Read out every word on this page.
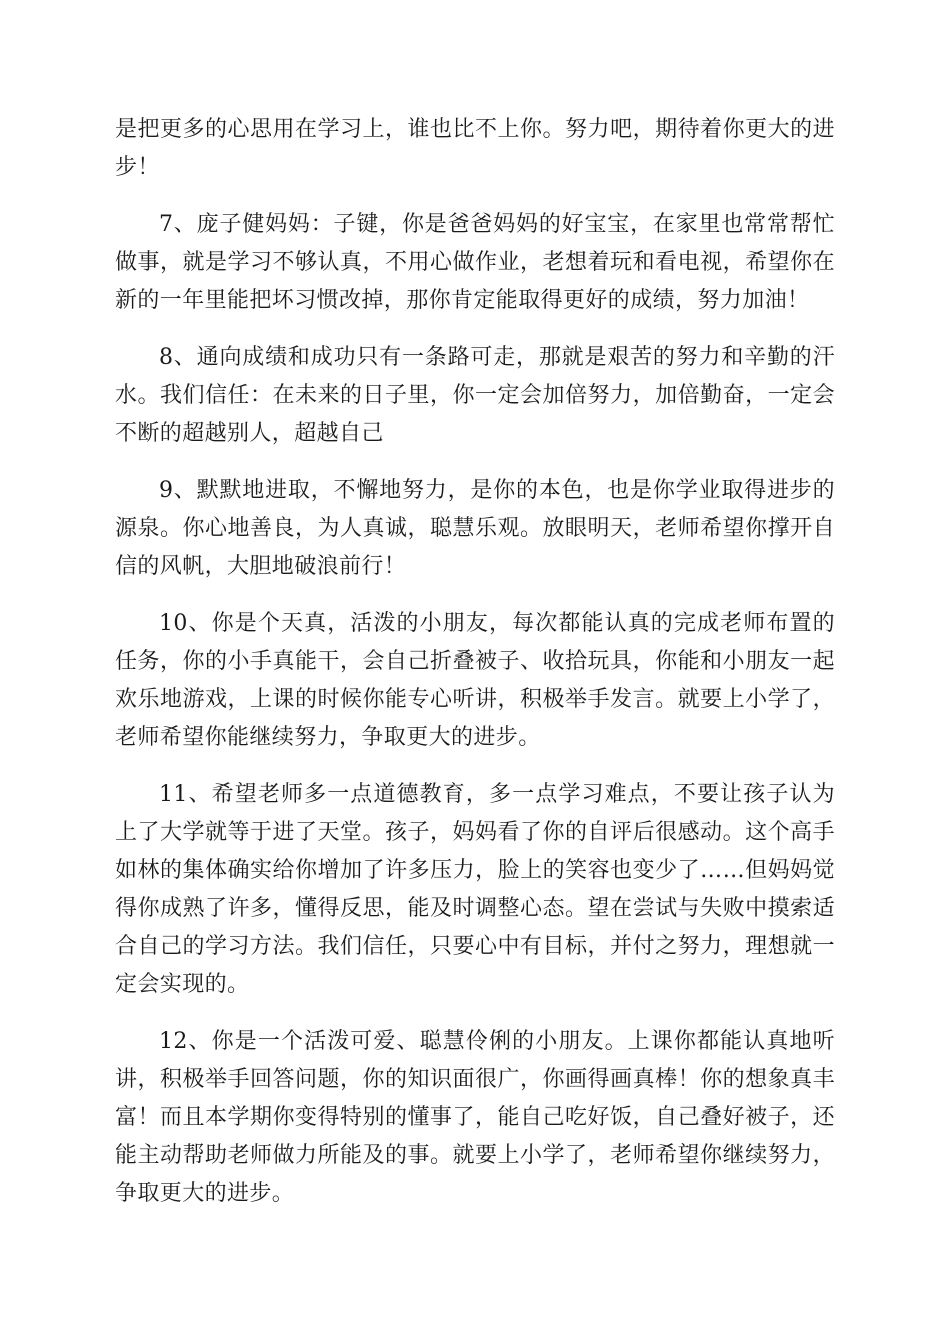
是把更多的心思用在学习上，谁也比不上你。努力吧，期待着你更大的进步！

7、庞子健妈妈：子键，你是爸爸妈妈的好宝宝，在家里也常常帮忙做事，就是学习不够认真，不用心做作业，老想着玩和看电视，希望你在新的一年里能把坏习惯改掉，那你肯定能取得更好的成绩，努力加油！

8、通向成绩和成功只有一条路可走，那就是艰苦的努力和辛勤的汗水。我们信任：在未来的日子里，你一定会加倍努力，加倍勤奋，一定会不断的超越别人，超越自己

9、默默地进取，不懈地努力，是你的本色，也是你学业取得进步的源泉。你心地善良，为人真诚，聪慧乐观。放眼明天，老师希望你撑开自信的风帆，大胆地破浪前行！

10、你是个天真，活泼的小朋友，每次都能认真的完成老师布置的任务，你的小手真能干，会自己折叠被子、收拾玩具，你能和小朋友一起欢乐地游戏，上课的时候你能专心听讲，积极举手发言。就要上小学了，老师希望你能继续努力，争取更大的进步。

11、希望老师多一点道德教育，多一点学习难点，不要让孩子认为上了大学就等于进了天堂。孩子，妈妈看了你的自评后很感动。这个高手如林的集体确实给你增加了许多压力，脸上的笑容也变少了……但妈妈觉得你成熟了许多，懂得反思，能及时调整心态。望在尝试与失败中摸索适合自己的学习方法。我们信任，只要心中有目标，并付之努力，理想就一定会实现的。

12、你是一个活泼可爱、聪慧伶俐的小朋友。上课你都能认真地听讲，积极举手回答问题，你的知识面很广，你画得画真棒！你的想象真丰富！而且本学期你变得特别的懂事了，能自己吃好饭，自己叠好被子，还能主动帮助老师做力所能及的事。就要上小学了，老师希望你继续努力，争取更大的进步。
